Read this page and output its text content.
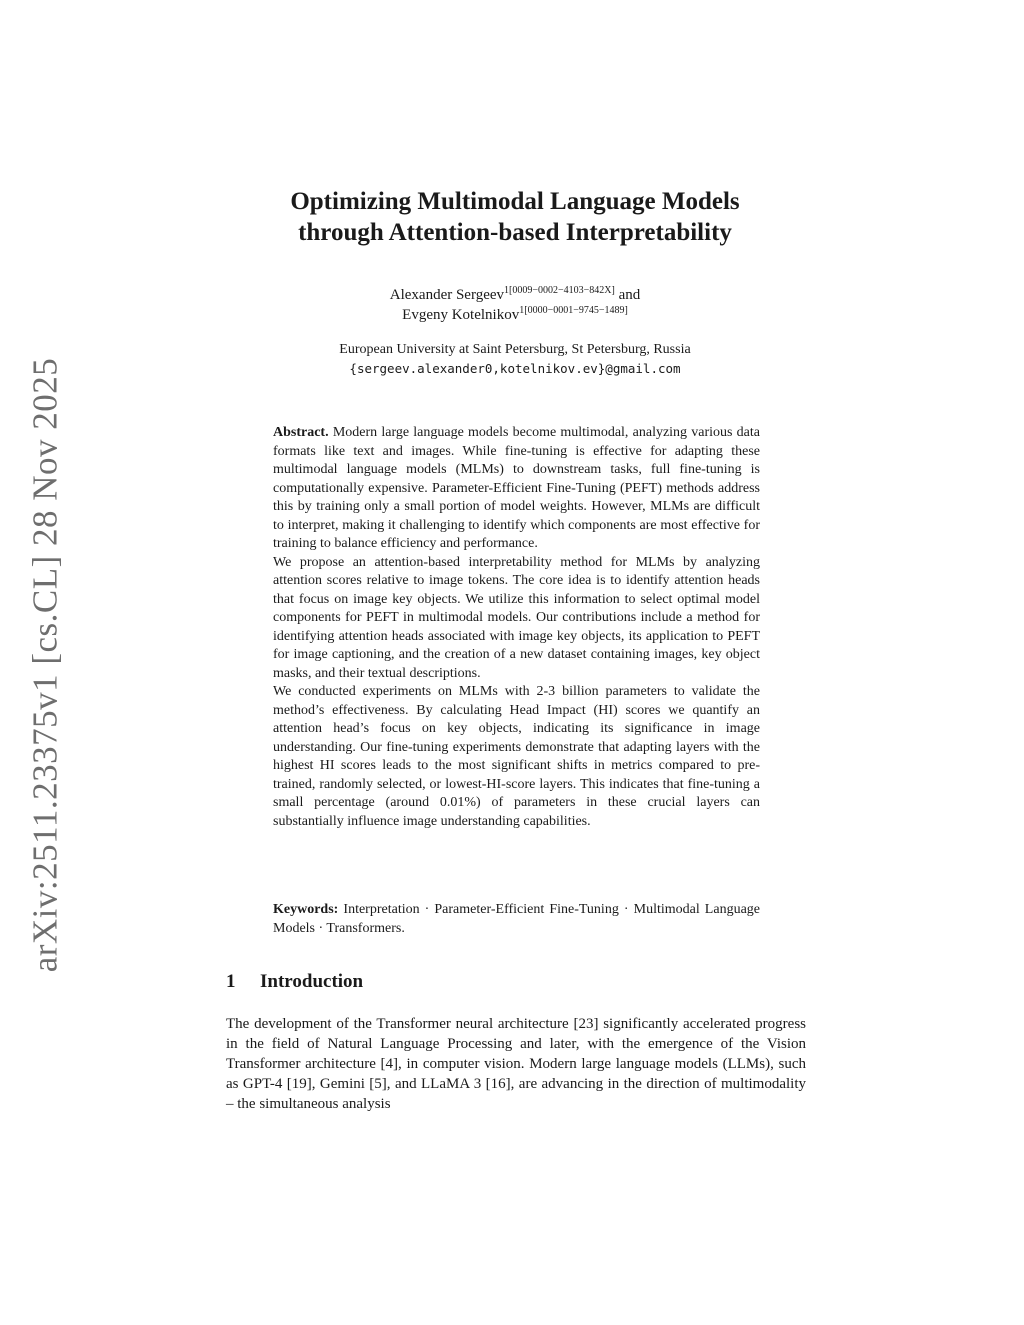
arXiv:2511.23375v1 [cs.CL] 28 Nov 2025
Optimizing Multimodal Language Models
through Attention-based Interpretability
Alexander Sergeev$^{1[0009-0002-4103-842X]}$ and
Evgeny Kotelnikov$^{1[0000-0001-9745-1489]}$
European University at Saint Petersburg, St Petersburg, Russia
{sergeev.alexander0,kotelnikov.ev}@gmail.com

Abstract. Modern large language models become multimodal, analyzing various data formats like text and images. While fine-tuning is effective for adapting these multimodal language models (MLMs) to downstream tasks, full fine-tuning is computationally expensive. Parameter-Efficient Fine-Tuning (PEFT) methods address this by training only a small portion of model weights. However, MLMs are difficult to interpret, making it challenging to identify which components are most effective for training to balance efficiency and performance.

We propose an attention-based interpretability method for MLMs by analyzing attention scores relative to image tokens. The core idea is to identify attention heads that focus on image key objects. We utilize this information to select optimal model components for PEFT in multimodal models. Our contributions include a method for identifying attention heads associated with image key objects, its application to PEFT for image captioning, and the creation of a new dataset containing images, key object masks, and their textual descriptions.

We conducted experiments on MLMs with 2-3 billion parameters to validate the method’s effectiveness. By calculating Head Impact (HI) scores we quantify an attention head’s focus on key objects, indicating its significance in image understanding. Our fine-tuning experiments demonstrate that adapting layers with the highest HI scores leads to the most significant shifts in metrics compared to pre-trained, randomly selected, or lowest-HI-score layers. This indicates that fine-tuning a small percentage (around 0.01%) of parameters in these crucial layers can substantially influence image understanding capabilities.

Keywords: Interpretation · Parameter-Efficient Fine-Tuning · Multimodal Language Models · Transformers.
1 Introduction

The development of the Transformer neural architecture [23] significantly accelerated progress in the field of Natural Language Processing and later, with the emergence of the Vision Transformer architecture [4], in computer vision. Modern large language models (LLMs), such as GPT-4 [19], Gemini [5], and LLaMA 3 [16], are advancing in the direction of multimodality – the simultaneous analysis
